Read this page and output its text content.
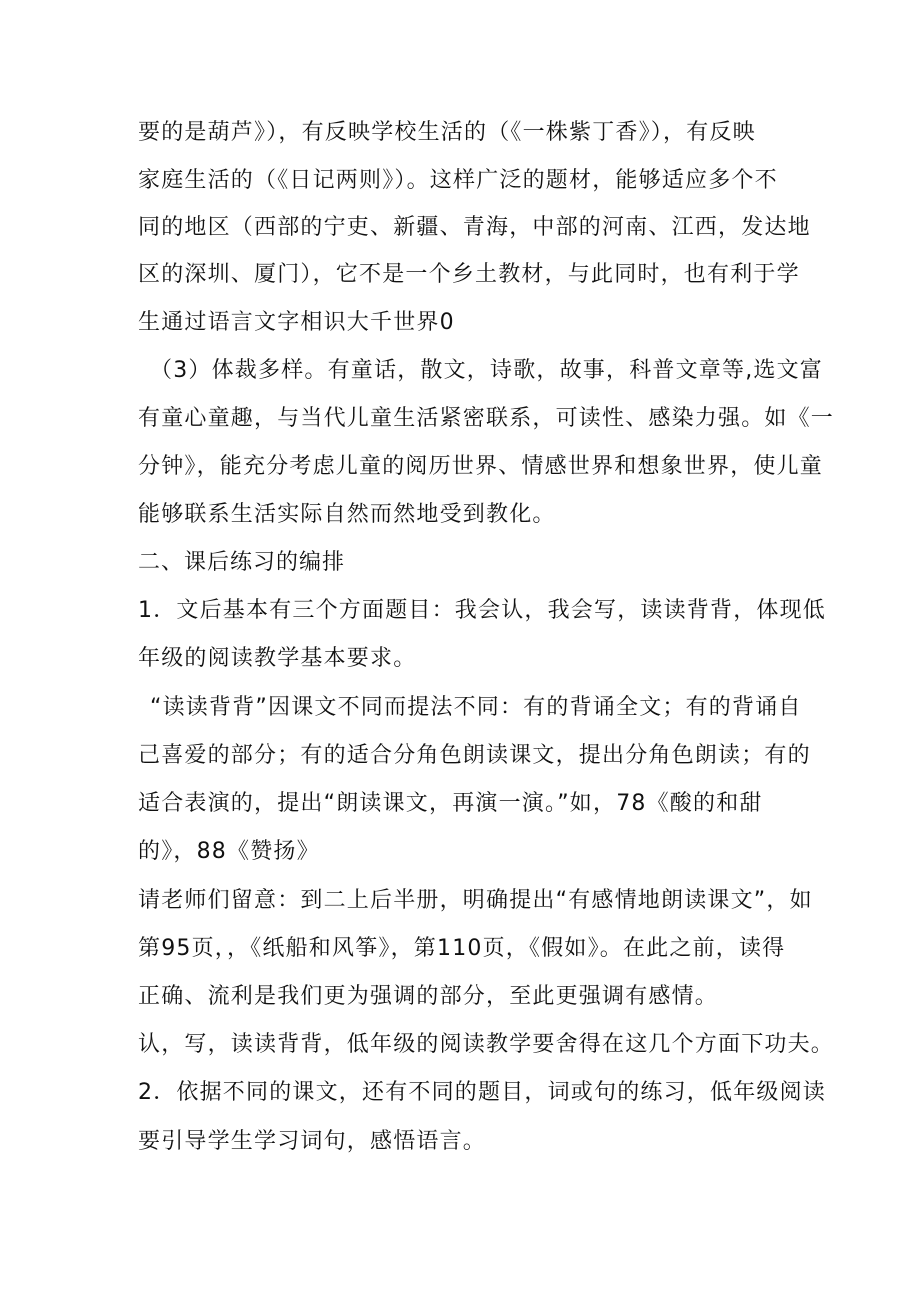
要的是葫芦》），有反映学校生活的（《一株紫丁香》），有反映
家庭生活的（《日记两则》）。这样广泛的题材，能够适应多个不
同的地区（西部的宁吏、新疆、青海，中部的河南、江西，发达地
区的深圳、厦门），它不是一个乡土教材，与此同时，也有利于学
生通过语言文字相识大千世界0
（3）体裁多样。有童话，散文，诗歌，故事，科普文章等,选文富
有童心童趣，与当代儿童生活紧密联系，可读性、感染力强。如《一
分钟》，能充分考虑儿童的阅历世界、情感世界和想象世界，使儿童
能够联系生活实际自然而然地受到教化。
二、课后练习的编排
1．文后基本有三个方面题目：我会认，我会写，读读背背，体现低
年级的阅读教学基本要求。
“读读背背”因课文不同而提法不同：有的背诵全文；有的背诵自
己喜爱的部分；有的适合分角色朗读课文，提出分角色朗读；有的
适合表演的，提出“朗读课文，再演一演。”如，78《酸的和甜
的》，88《赞扬》
请老师们留意：到二上后半册，明确提出“有感情地朗读课文”，如
第95页，，《纸船和风筝》，第110页，《假如》。在此之前，读得
正确、流利是我们更为强调的部分，至此更强调有感情。
认，写，读读背背，低年级的阅读教学要舍得在这几个方面下功夫。
2．依据不同的课文，还有不同的题目，词或句的练习，低年级阅读
要引导学生学习词句，感悟语言。
